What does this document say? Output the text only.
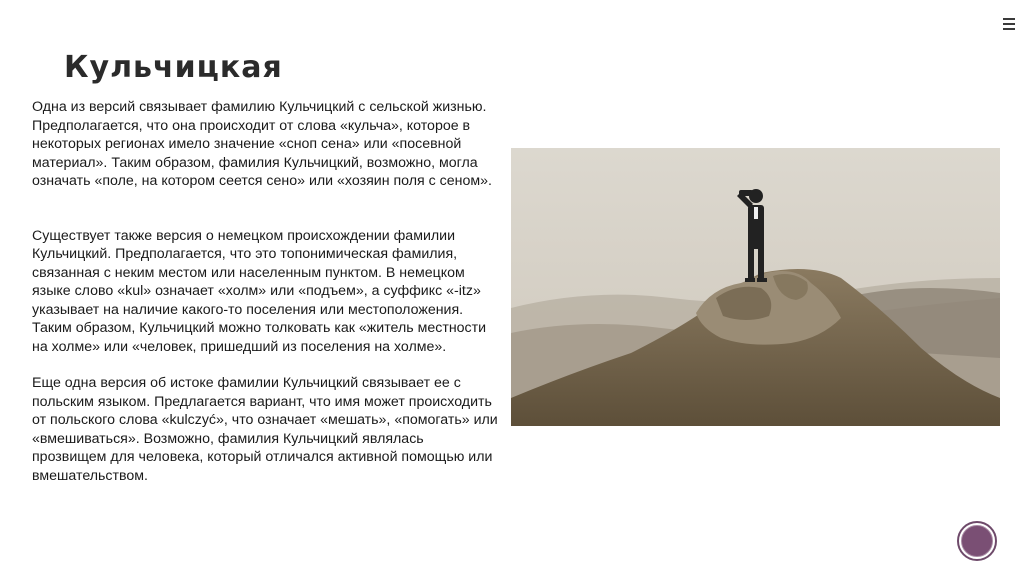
Кульчицкая

Одна из версий связывает фамилию Кульчицкий с сельской жизнью. Предполагается, что она происходит от слова «кульча», которое в некоторых регионах имело значение «сноп сена» или «посевной материал». Таким образом, фамилия Кульчицкий, возможно, могла означать «поле, на котором сеется сено» или «хозяин поля с сеном».

Существует также версия о немецком происхождении фамилии Кульчицкий. Предполагается, что это топонимическая фамилия, связанная с неким местом или населенным пунктом. В немецком языке слово «kul» означает «холм» или «подъем», а суффикс «-itz» указывает на наличие какого-то поселения или местоположения. Таким образом, Кульчицкий можно толковать как «житель местности на холме» или «человек, пришедший из поселения на холме».

Еще одна версия об истоке фамилии Кульчицкий связывает ее с польским языком. Предлагается вариант, что имя может происходить от польского слова «kulczyć», что означает «мешать», «помогать» или «вмешиваться». Возможно, фамилия Кульчицкий являлась прозвищем для человека, который отличался активной помощью или вмешательством.
